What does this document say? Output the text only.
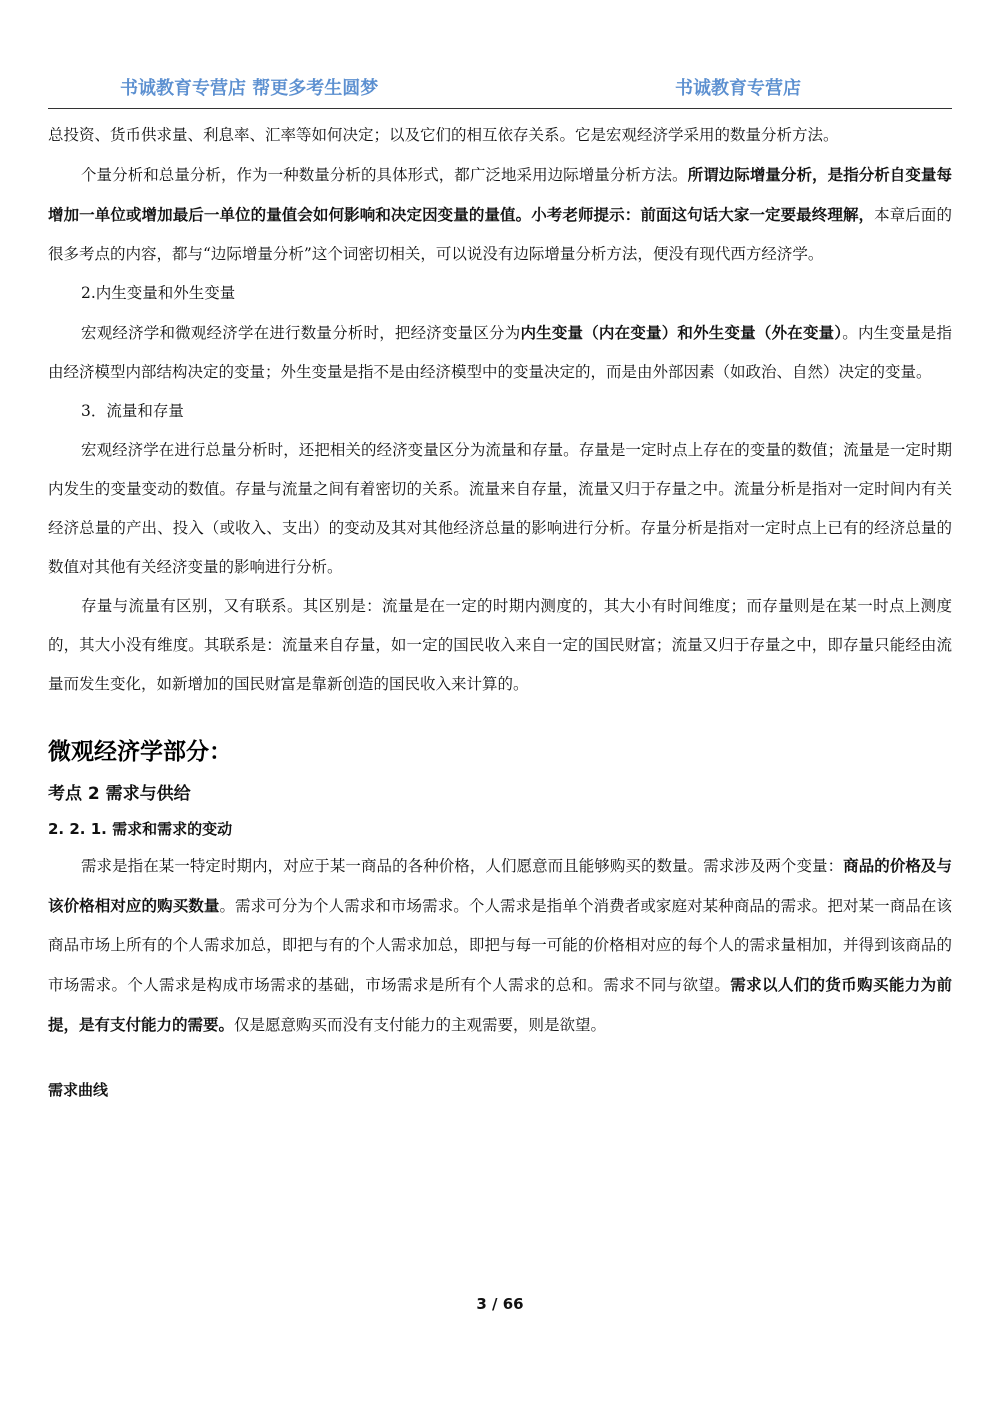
书诚教育专营店 帮更多考生圆梦	书诚教育专营店

总投资、货币供求量、利息率、汇率等如何决定；以及它们的相互依存关系。它是宏观经济学采用的数量分析方法。

个量分析和总量分析，作为一种数量分析的具体形式，都广泛地采用边际增量分析方法。所谓边际增量分析，是指分析自变量每增加一单位或增加最后一单位的量值会如何影响和决定因变量的量值。小考老师提示：前面这句话大家一定要最终理解，本章后面的很多考点的内容，都与“边际增量分析”这个词密切相关，可以说没有边际增量分析方法，便没有现代西方经济学。

2.内生变量和外生变量

宏观经济学和微观经济学在进行数量分析时，把经济变量区分为内生变量（内在变量）和外生变量（外在变量）。内生变量是指由经济模型内部结构决定的变量；外生变量是指不是由经济模型中的变量决定的，而是由外部因素（如政治、自然）决定的变量。

3．流量和存量

宏观经济学在进行总量分析时，还把相关的经济变量区分为流量和存量。存量是一定时点上存在的变量的数值；流量是一定时期内发生的变量变动的数值。存量与流量之间有着密切的关系。流量来自存量，流量又归于存量之中。流量分析是指对一定时间内有关经济总量的产出、投入（或收入、支出）的变动及其对其他经济总量的影响进行分析。存量分析是指对一定时点上已有的经济总量的数值对其他有关经济变量的影响进行分析。

存量与流量有区别，又有联系。其区别是：流量是在一定的时期内测度的，其大小有时间维度；而存量则是在某一时点上测度的，其大小没有维度。其联系是：流量来自存量，如一定的国民收入来自一定的国民财富；流量又归于存量之中，即存量只能经由流量而发生变化，如新增加的国民财富是靠新创造的国民收入来计算的。

微观经济学部分：
考点 2 需求与供给
2. 2. 1. 需求和需求的变动

需求是指在某一特定时期内，对应于某一商品的各种价格，人们愿意而且能够购买的数量。需求涉及两个变量：商品的价格及与该价格相对应的购买数量。需求可分为个人需求和市场需求。个人需求是指单个消费者或家庭对某种商品的需求。把对某一商品在该商品市场上所有的个人需求加总，即把与有的个人需求加总，即把与每一可能的价格相对应的每个人的需求量相加，并得到该商品的市场需求。个人需求是构成市场需求的基础，市场需求是所有个人需求的总和。需求不同与欲望。需求以人们的货币购买能力为前提，是有支付能力的需要。仅是愿意购买而没有支付能力的主观需要，则是欲望。

需求曲线
3 / 66
